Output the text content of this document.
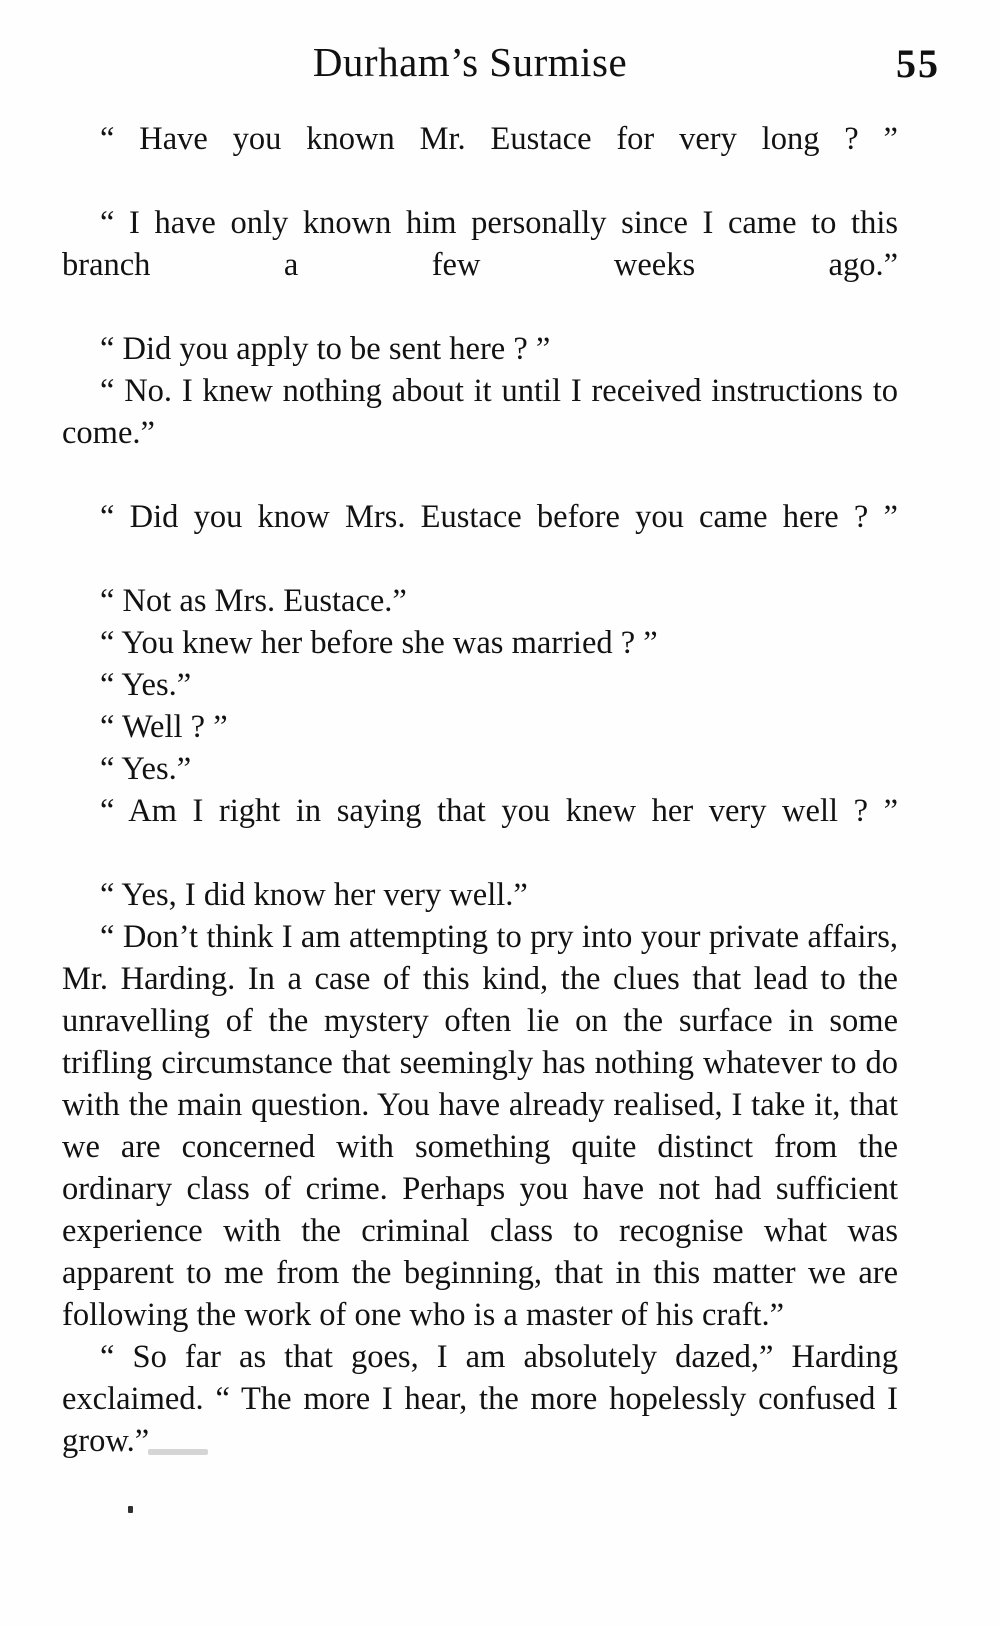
Durham’s Surmise	55

“ Have you known Mr. Eustace for very long ? ”

“ I have only known him personally since I came to this branch a few weeks ago.”

“ Did you apply to be sent here ? ”

“ No. I knew nothing about it until I received instructions to come.”

“ Did you know Mrs. Eustace before you came here ? ”

“ Not as Mrs. Eustace.”

“ You knew her before she was married ? ”

“ Yes.”

“ Well ? ”

“ Yes.”

“ Am I right in saying that you knew her very well ? ”

“ Yes, I did know her very well.”

“ Don’t think I am attempting to pry into your private affairs, Mr. Harding. In a case of this kind, the clues that lead to the unravelling of the mystery often lie on the surface in some trifling circumstance that seemingly has nothing whatever to do with the main question. You have already realised, I take it, that we are concerned with something quite distinct from the ordinary class of crime. Perhaps you have not had sufficient experience with the criminal class to recognise what was apparent to me from the beginning, that in this matter we are following the work of one who is a master of his craft.”

“ So far as that goes, I am absolutely dazed,” Harding exclaimed. “ The more I hear, the more hopelessly confused I grow.”
